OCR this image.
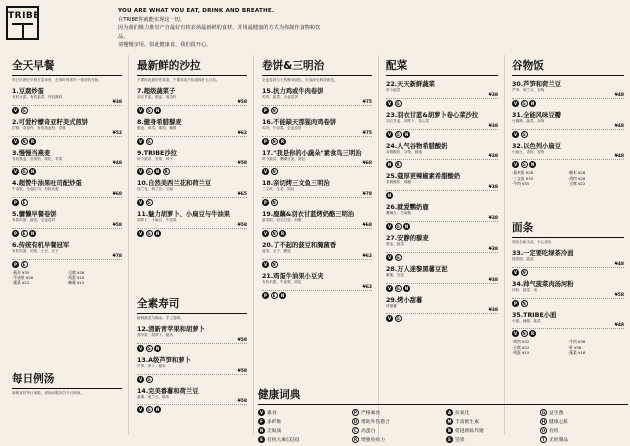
TRIBE	YOU ARE WHAT YOU EAT, DRINK AND BREATHE.
在TRIBE你就能实现这一切。
因为我们极力推崇产自最好有机农场最新鲜的食材，并用最健康的方式为你制作食物和饮品。
请慢慢享用。如此健康食，我们很开心。
全天早餐
每日早晨吃早餐在菜单里、在何时何须早一顿好的开始。
1.豆腐炒蛋
有机豆腐、有机蔬菜、有机酱料
¥38
V	G
2.可爱柠檬奇亚籽美式煎饼
柠檬、奇亚籽、有机燕麦粉、香蕉
¥52
V	N	R
3.慢慢当燕麦
有机燕麦、坚果奶、枸杞、苹果
¥48
V	G	N
4.超赞牛油果吐司配炒蛋
牛油果、全麦吐司、有机鸡蛋
¥68
P	E
5.慵懒早餐卷饼
有机鸡蛋、蔬菜、全麦卷饼
¥58
P	E	N
6.传统有机早餐冠军
有机鸡蛋、培根、土豆、豆子
¥78
P	E
·燕麦 ¥35	·豆腐 ¥38
·牛油果 ¥28	·鸡蛋 ¥18
·蔬菜 ¥22	·咖啡 ¥15
每日例汤
新鲜食材每日现做，请询问服务员今日例汤。
最新鲜的沙拉
不要再说最好你喜欢，不要再说不知道做什么沙拉。
7.超级蔬菜子
羽衣甘蓝、藜麦、南瓜籽
¥58
V	G	N
8.健身希腊藜麦
藜麦、黄瓜、番茄、橄榄
¥62
V	G
9.TRIBE沙拉
时令蔬菜、坚果、种子
¥58
V	G	N	R
10.自然美西兰花和荷兰豆
西兰花、荷兰豆、芝麻
¥65
V	G
11.魅力胡萝卜、小扁豆与牛油果
胡萝卜、小扁豆、牛油果
¥58
V	G	N
全素寿司
新鲜蔬菜与糙米，手工卷制。
12.清新青苹果和胡萝卜
青苹果、胡萝卜、糙米
¥58
V	G	N
13.A级芦笋和萝卜
芦笋、萝卜、糙米
¥58
V	G
14.完美番薯和荷兰豆
番薯、荷兰豆、糙米
¥58
V	G	N
卷饼&三明治
全麦卷饼与天然酵母面包，可选择无麸质面包。
15.抗力鸡或牛肉卷饼
鸡肉、蔬菜、全麦卷饼
¥75
P	N
16.不能缺天那猩肉鸡卷饼
鸡肉、牛油果、全麦卷饼
¥75
P	N	R
17."我是你的小蔬朵"素食鸟三明治
时令蔬菜、鹰嘴豆泥、面包
¥68
V	N
18.亲切烤三文鱼三明治
三文鱼、生菜、面包
¥78
P	N
19.鹿藕&羽衣甘蓝烤奶酪三明治
甜菜根、羽衣甘蓝、奶酪
¥68
V	N	R
20.了不起的菠豆和腌菌香
菠菜、豆子、蘑菇
¥62
V	N
21.鸡蛋牛油果小豆夹
有机鸡蛋、牛油果、面包
¥62
P	E	N
配菜
22.天天新鲜蔬菜
时令蔬菜
¥38
V	G
23.羽衣甘蓝&胡萝卜卷心菜沙拉
羽衣甘蓝、胡萝卜、卷心菜
¥38
V	G	N
24.人气谷物希腊酸奶
希腊酸奶、谷物、蜂蜜
¥38
N	R
25.蔻厚更辣椒素希腊酸奶
希腊酸奶、辣椒
¥38
N
26.就爱鹦奶鹿
鹰嘴豆、芝麻酱
¥38
V	G	N
27.安静的藜麦
藜麦、蔬菜
¥38
V	G
28.万人迷黎黑薯豆泥
紫薯、豆泥
¥38
V	G	N
29.烤小甜薯
烤番薯
¥38
V	G
谷物饭
30.芦笋和荷兰豆
芦笋、荷兰豆、谷物
¥48
V	G	N
31.全能风味豆瓣
豆瓣酱、蔬菜、谷物
¥48
V	G
32.以色列小扁豆
小扁豆、香料、谷物
¥48
V	G	N
·燕麦饭 ¥28	·糙米 ¥28
·三文鱼 ¥35	·鸡肉 ¥28
·牛肉 ¥35	·豆腐 ¥22
面条
面条全新出品，小心食用
33.一定要吃绿茶冷面
绿茶面、蔬菜
¥48
V	N
34.帅气菠菜肉汤河粉
河粉、菠菜、汤
¥58
P	N
35.TRIBE小面
小面、辣椒、蔬菜
¥48
V	N	R
·鸡肉 ¥32	·牛肉 ¥38
·豆腐 ¥22	·虾 ¥38
·鸡蛋 ¥15	·蔬菜 ¥18
健康词典
V 素食	P 严格素食	A 抗氧化	G 益生菌
F 多纤维	D 帮助外伤愈合	M 丰富维生素	H 健康心脏
N 无麸质	C 高蛋白	B 促进新陈代谢	O 有机
E 有机大麻(美国)	R 增强免疫力	S 坚果	T 无奶制品
